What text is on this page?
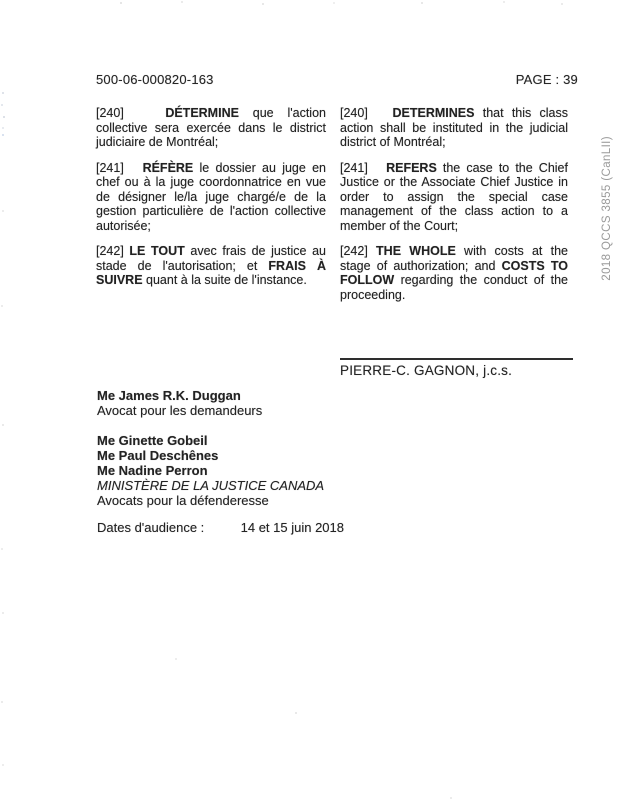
500-06-000820-163	PAGE : 39
[240]   DÉTERMINE que l'action collective sera exercée dans le district judiciaire de Montréal;
[240]   DETERMINES that this class action shall be instituted in the judicial district of Montréal;
[241]   RÉFÈRE le dossier au juge en chef ou à la juge coordonnatrice en vue de désigner le/la juge chargé/e de la gestion particulière de l'action collective autorisée;
[241]   REFERS the case to the Chief Justice or the Associate Chief Justice in order to assign the special case management of the class action to a member of the Court;
[242] LE TOUT avec frais de justice au stade de l'autorisation; et FRAIS À SUIVRE quant à la suite de l'instance.
[242] THE WHOLE with costs at the stage of authorization; and COSTS TO FOLLOW regarding the conduct of the proceeding.
PIERRE-C. GAGNON, j.c.s.
Me James R.K. Duggan
Avocat pour les demandeurs
Me Ginette Gobeil
Me Paul Deschênes
Me Nadine Perron
MINISTÈRE DE LA JUSTICE CANADA
Avocats pour la défenderesse
Dates d'audience :	14 et 15 juin 2018
2018 QCCS 3855 (CanLII)
